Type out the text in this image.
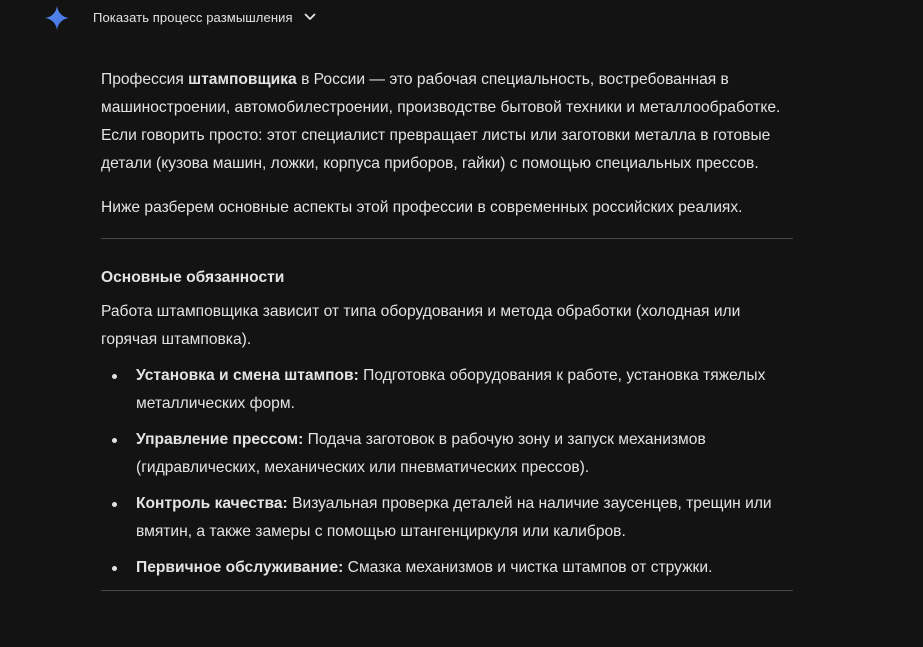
Показать процесс размышления

Профессия штамповщика в России — это рабочая специальность, востребованная в машиностроении, автомобилестроении, производстве бытовой техники и металлообработке. Если говорить просто: этот специалист превращает листы или заготовки металла в готовые детали (кузова машин, ложки, корпуса приборов, гайки) с помощью специальных прессов.

Ниже разберем основные аспекты этой профессии в современных российских реалиях.

Основные обязанности

Работа штамповщика зависит от типа оборудования и метода обработки (холодная или горячая штамповка).

Установка и смена штампов: Подготовка оборудования к работе, установка тяжелых металлических форм.
Управление прессом: Подача заготовок в рабочую зону и запуск механизмов (гидравлических, механических или пневматических прессов).
Контроль качества: Визуальная проверка деталей на наличие заусенцев, трещин или вмятин, а также замеры с помощью штангенциркуля или калибров.
Первичное обслуживание: Смазка механизмов и чистка штампов от стружки.
